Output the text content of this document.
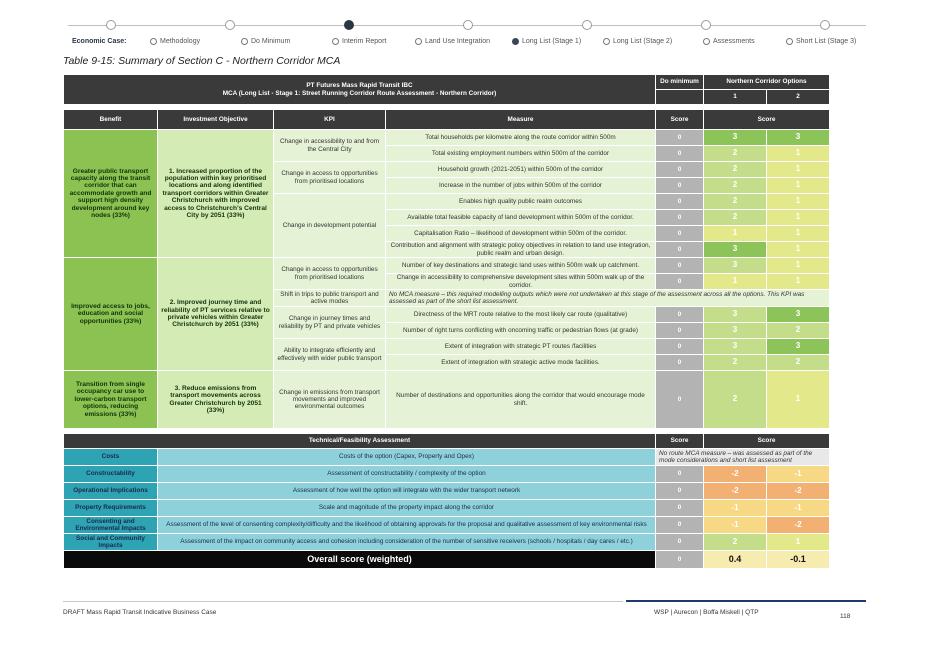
Economic Case:	Methodology	Do Minimum	Interim Report	Land Use Integration	Long List (Stage 1)	Long List (Stage 2)	Assessments	Short List (Stage 3)
Table 9-15: Summary of Section C - Northern Corridor MCA
PT Futures Mass Rapid Transit IBC
MCA (Long List - Stage 1: Street Running Corridor Route Assessment - Northern Corridor)				Do minimum	Northern Corridor Options	
					1	2

Benefit	Investment Objective	KPI	Measure	Score	Score	
Greater public transport capacity along the transit corridor that can accommodate growth and support high density development around key nodes (33%)	1. Increased proportion of the population within key prioritised locations and along identified transport corridors within Greater Christchurch with improved access to Christchurch's Central City by 2051 (33%)	Change in accessibility to and from the Central City	Total households per kilometre along the route corridor within 500m	0	3	3
			Total existing employment numbers within 500m of the corridor	0	2	1
		Change in access to opportunities from prioritised locations	Household growth (2021-2051) within 500m of the corridor	0	2	1
			Increase in the number of jobs within 500m of the corridor	0	2	1
		Change in development potential	Enables high quality public realm outcomes	0	2	1
			Available total feasible capacity of land development within 500m of the corridor.	0	2	1
			Capitalisation Ratio – likelihood of development within 500m of the corridor.	0	1	1
			Contribution and alignment with strategic policy objectives in relation to land use integration, public realm and urban design.	0	3	1
Improved access to jobs, education and social opportunities (33%)	2. Improved journey time and reliability of PT services relative to private vehicles within Greater Christchurch by 2051 (33%)	Change in access to opportunities from prioritised locations	Number of key destinations and strategic land uses within 500m walk up catchment.	0	3	1
			Change in accessibility to comprehensive development sites within 500m walk up of the corridor.	0	1	1
		Shift in trips to public transport and active modes	No MCA measure – this required modelling outputs which were not undertaken at this stage of the assessment across all the options. This KPI was assessed as part of the short list assessment.			
		Change in journey times and reliability by PT and private vehicles	Directness of the MRT route relative to the most likely car route (qualitative)	0	3	3
			Number of right turns conflicting with oncoming traffic or pedestrian flows (at grade)	0	3	2
		Ability to integrate efficiently and effectively with wider public transport	Extent of integration with strategic PT routes /facilities	0	3	3
			Extent of integration with strategic active mode facilities.	0	2	2
Transition from single occupancy car use to lower-carbon transport options, reducing emissions (33%)	3. Reduce emissions from transport movements across Greater Christchurch by 2051 (33%)	Change in emissions from transport movements and improved environmental outcomes	Number of destinations and opportunities along the corridor that would encourage mode shift.	0	2	1

Technical/Feasibility Assessment				Score	Score	
Costs	Costs of the option (Capex, Property and Opex)			No route MCA measure – was assessed as part of the mode considerations and short list assessment		
Constructability	Assessment of constructability / complexity of the option			0	-2	-1
Operational Implications	Assessment of how well the option will integrate with the wider transport network			0	-2	-2
Property Requirements	Scale and magnitude of the property impact along the corridor			0	-1	-1
Consenting and Environmental Impacts	Assessment of the level of consenting complexity/difficulty and the likelihood of obtaining approvals for the proposal and qualitative assessment of key environmental risks			0	-1	-2
Social and Community Impacts	Assessment of the impact on community access and cohesion including consideration of the number of sensitive receivers (schools / hospitals / day cares / etc.)			0	2	1
Overall score (weighted)				0	0.4	-0.1
DRAFT Mass Rapid Transit Indicative Business Case	WSP | Aurecon | Boffa Miskell | QTP
118
